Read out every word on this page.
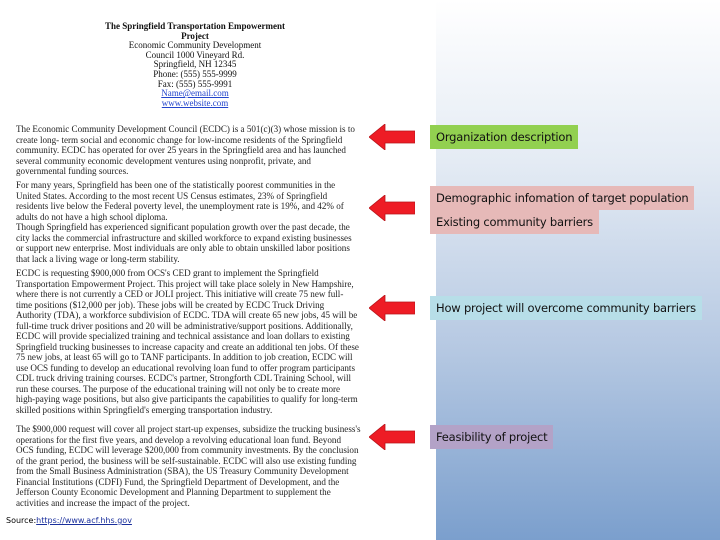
The Springfield Transportation Empowerment
Project
Economic Community Development
Council 1000 Vineyard Rd.
Springfield, NH 12345
Phone: (555) 555-9999
Fax: (555) 555-9991
Name@email.com
www.website.com
The Economic Community Development Council (ECDC) is a 501(c)(3) whose mission is to
create long- term social and economic change for low-income residents of the Springfield
community. ECDC has operated for over 25 years in the Springfield area and has launched
several community economic development ventures using nonprofit, private, and
governmental funding sources.
For many years, Springfield has been one of the statistically poorest communities in the
United States. According to the most recent US Census estimates, 23% of Springfield
residents live below the Federal poverty level, the unemployment rate is 19%, and 42% of
adults do not have a high school diploma.
Though Springfield has experienced significant population growth over the past decade, the
city lacks the commercial infrastructure and skilled workforce to expand existing businesses
or support new enterprise. Most individuals are only able to obtain unskilled labor positions
that lack a living wage or long-term stability.
ECDC is requesting $900,000 from OCS's CED grant to implement the Springfield
Transportation Empowerment Project. This project will take place solely in New Hampshire,
where there is not currently a CED or JOLI project. This initiative will create 75 new full-
time positions ($12,000 per job). These jobs will be created by ECDC Truck Driving
Authority (TDA), a workforce subdivision of ECDC. TDA will create 65 new jobs, 45 will be
full-time truck driver positions and 20 will be administrative/support positions. Additionally,
ECDC will provide specialized training and technical assistance and loan dollars to existing
Springfield trucking businesses to increase capacity and create an additional ten jobs. Of these
75 new jobs, at least 65 will go to TANF participants. In addition to job creation, ECDC will
use OCS funding to develop an educational revolving loan fund to offer program participants
CDL truck driving training courses. ECDC's partner, Strongforth CDL Training School, will
run these courses. The purpose of the educational training will not only be to create more
high-paying wage positions, but also give participants the capabilities to qualify for long-term
skilled positions within Springfield's emerging transportation industry.
The $900,000 request will cover all project start-up expenses, subsidize the trucking business's
operations for the first five years, and develop a revolving educational loan fund. Beyond
OCS funding, ECDC will leverage $200,000 from community investments. By the conclusion
of the grant period, the business will be self-sustainable. ECDC will also use existing funding
from the Small Business Administration (SBA), the US Treasury Community Development
Financial Institutions (CDFI) Fund, the Springfield Department of Development, and the
Jefferson County Economic Development and Planning Department to supplement the
activities and increase the impact of the project.
Source:https://www.acf.hhs.gov
Organization description
Demographic infomation of target population
Existing community barriers
How project will overcome community barriers
Feasibility of project
